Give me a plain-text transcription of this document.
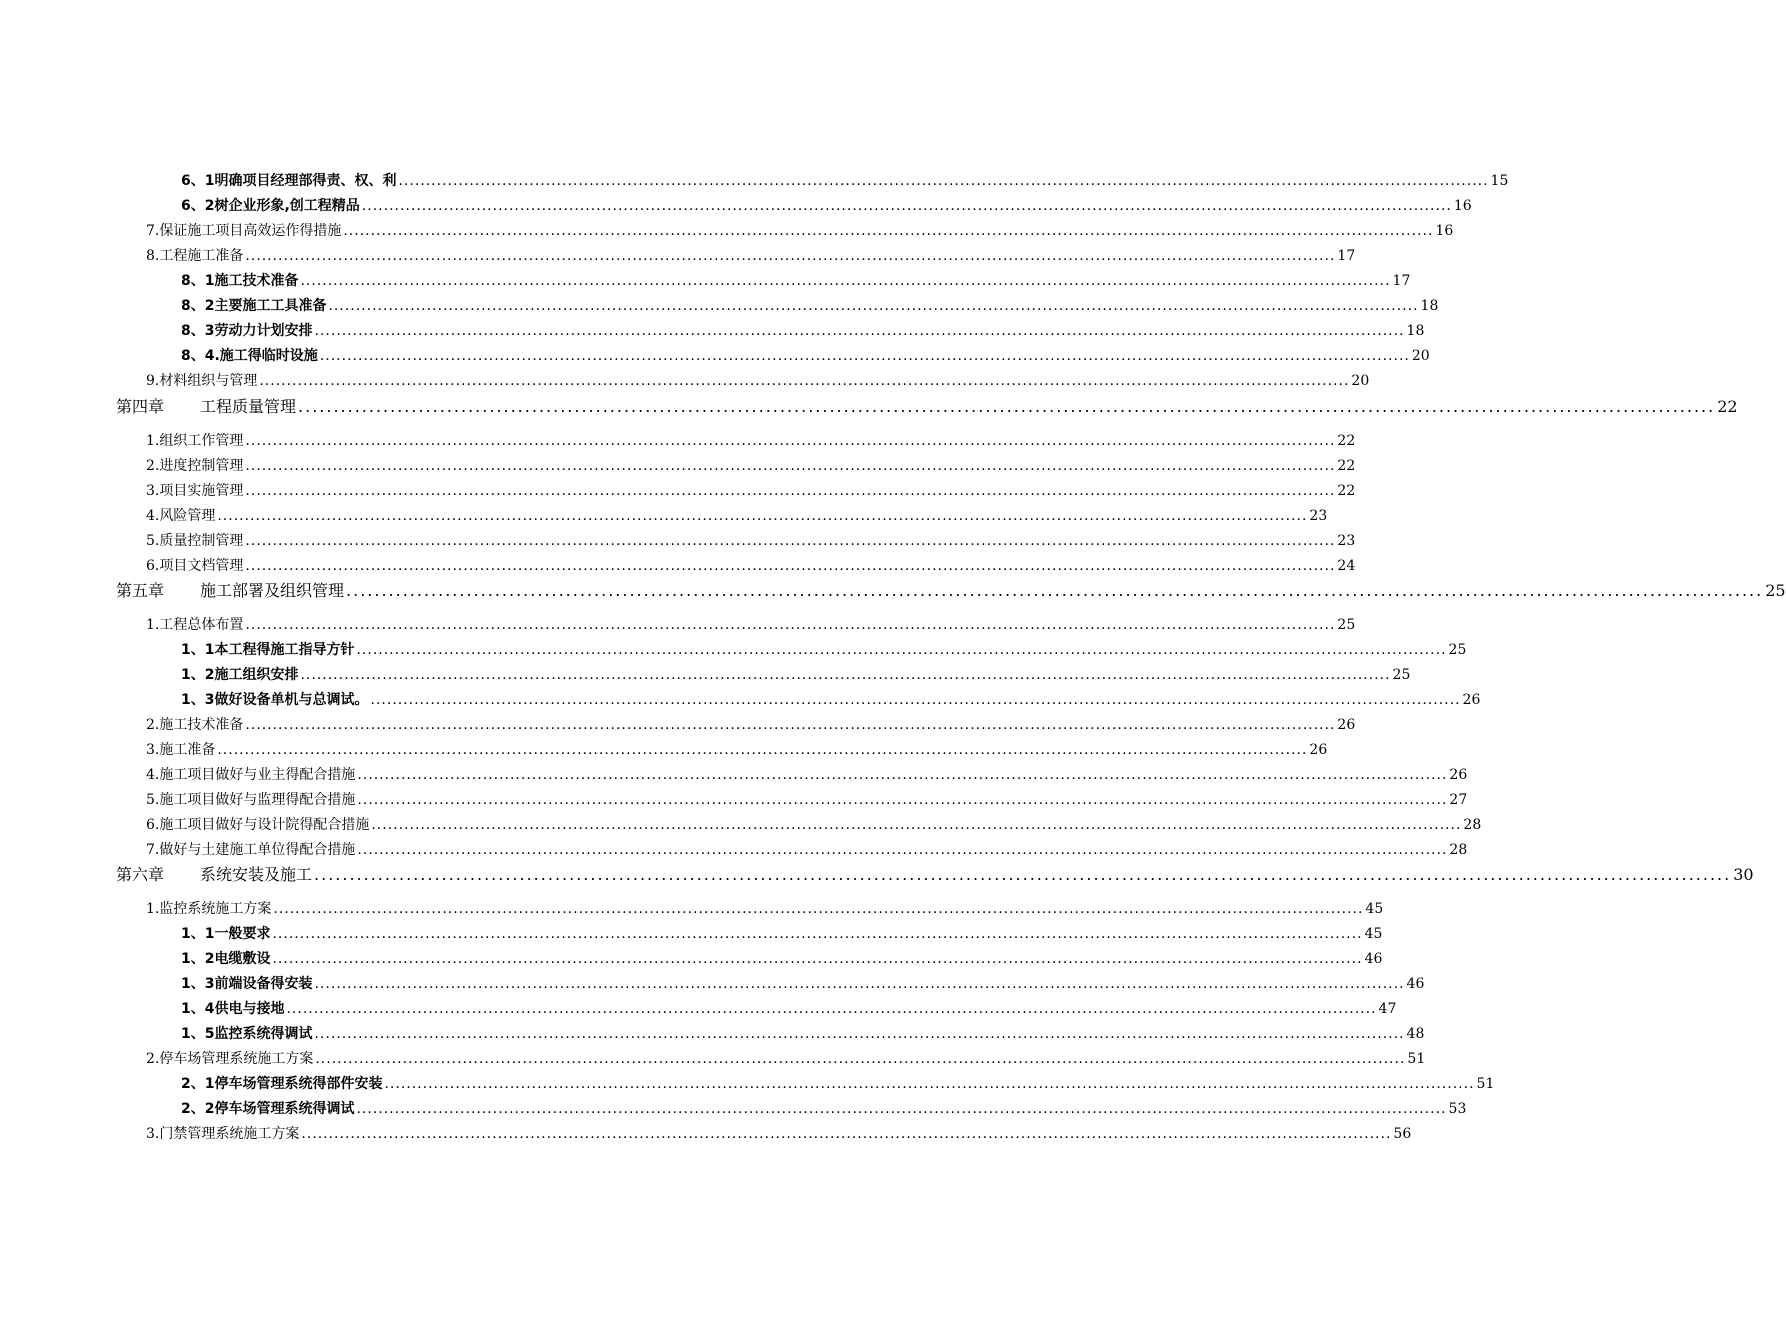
6、1明确项目经理部得责、权、利 ........................................................................................................................................................................................................ 15
6、2树企业形象,创工程精品 ........................................................................................................................................................................................................ 16
7.保证施工项目高效运作得措施 ........................................................................................................................................................................................................ 16
8.工程施工准备 ........................................................................................................................................................................................................ 17
8、1施工技术准备 ........................................................................................................................................................................................................ 17
8、2主要施工工具准备 ........................................................................................................................................................................................................ 18
8、3劳动力计划安排 ........................................................................................................................................................................................................ 18
8、4.施工得临时设施 ........................................................................................................................................................................................................ 20
9.材料组织与管理 ........................................................................................................................................................................................................ 20
第四章 工程质量管理 ........................................................................................................................................................................................................ 22
1.组织工作管理 ........................................................................................................................................................................................................ 22
2.进度控制管理 ........................................................................................................................................................................................................ 22
3.项目实施管理 ........................................................................................................................................................................................................ 22
4.风险管理 ........................................................................................................................................................................................................ 23
5.质量控制管理 ........................................................................................................................................................................................................ 23
6.项目文档管理 ........................................................................................................................................................................................................ 24
第五章 施工部署及组织管理 ........................................................................................................................................................................................................ 25
1.工程总体布置 ........................................................................................................................................................................................................ 25
1、1本工程得施工指导方针 ........................................................................................................................................................................................................ 25
1、2施工组织安排 ........................................................................................................................................................................................................ 25
1、3做好设备单机与总调试。 ........................................................................................................................................................................................................ 26
2.施工技术准备 ........................................................................................................................................................................................................ 26
3.施工准备 ........................................................................................................................................................................................................ 26
4.施工项目做好与业主得配合措施 ........................................................................................................................................................................................................ 26
5.施工项目做好与监理得配合措施 ........................................................................................................................................................................................................ 27
6.施工项目做好与设计院得配合措施 ........................................................................................................................................................................................................ 28
7.做好与土建施工单位得配合措施 ........................................................................................................................................................................................................ 28
第六章 系统安装及施工 ........................................................................................................................................................................................................ 30
1.监控系统施工方案 ........................................................................................................................................................................................................ 45
1、1一般要求 ........................................................................................................................................................................................................ 45
1、2电缆敷设 ........................................................................................................................................................................................................ 46
1、3前端设备得安装 ........................................................................................................................................................................................................ 46
1、4供电与接地 ........................................................................................................................................................................................................ 47
1、5监控系统得调试 ........................................................................................................................................................................................................ 48
2.停车场管理系统施工方案 ........................................................................................................................................................................................................ 51
2、1停车场管理系统得部件安装 ........................................................................................................................................................................................................ 51
2、2停车场管理系统得调试 ........................................................................................................................................................................................................ 53
3.门禁管理系统施工方案 ........................................................................................................................................................................................................ 56
